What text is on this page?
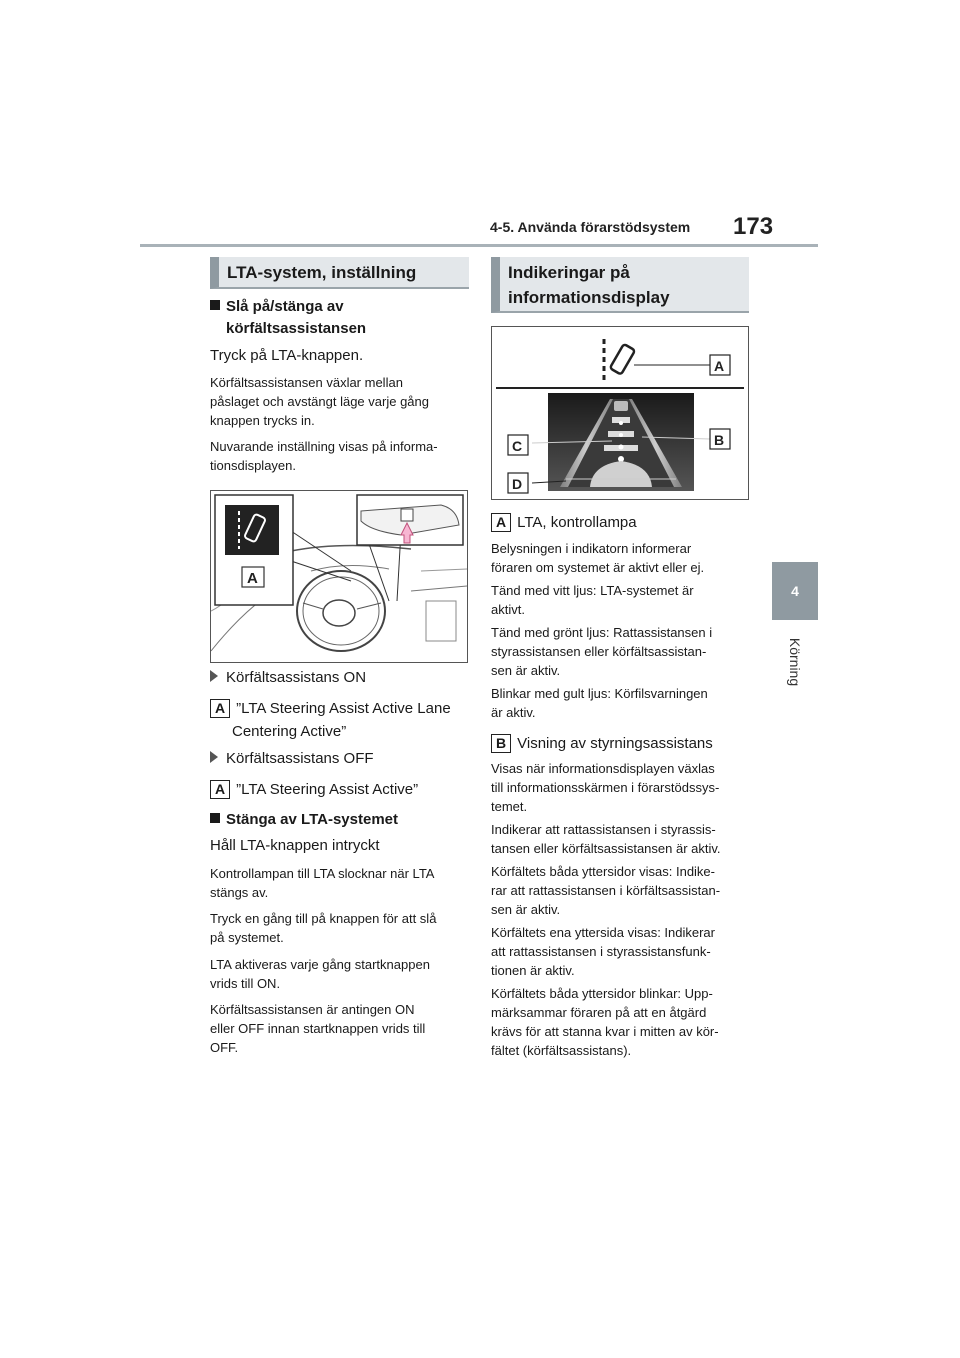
4-5. Använda förarstödsystem 173
4
Körning
LTA-system, inställning
Slå på/stänga av
körfältsassistansen
Tryck på LTA-knappen.
Körfältsassistansen växlar mellan
påslaget och avstängt läge varje gång
knappen trycks in.
Nuvarande inställning visas på informa-
tionsdisplayen.
A
Körfältsassistans ON
A ”LTA Steering Assist Active Lane
Centering Active”
Körfältsassistans OFF
A ”LTA Steering Assist Active”
Stänga av LTA-systemet
Håll LTA-knappen intryckt
Kontrollampan till LTA slocknar när LTA
stängs av.
Tryck en gång till på knappen för att slå
på systemet.
LTA aktiveras varje gång startknappen
vrids till ON.
Körfältsassistansen är antingen ON
eller OFF innan startknappen vrids till
OFF.
Indikeringar på
informationsdisplay
A
C	B
D
A LTA, kontrollampa
Belysningen i indikatorn informerar
föraren om systemet är aktivt eller ej.
Tänd med vitt ljus: LTA-systemet är
aktivt.
Tänd med grönt ljus: Rattassistansen i
styrassistansen eller körfältsassistan-
sen är aktiv.
Blinkar med gult ljus: Körfilsvarningen
är aktiv.
B Visning av styrningsassistans
Visas när informationsdisplayen växlas
till informationsskärmen i förarstödssys-
temet.
Indikerar att rattassistansen i styrassis-
tansen eller körfältsassistansen är aktiv.
Körfältets båda yttersidor visas: Indike-
rar att rattassistansen i körfältsassistan-
sen är aktiv.
Körfältets ena yttersida visas: Indikerar
att rattassistansen i styrassistansfunk-
tionen är aktiv.
Körfältets båda yttersidor blinkar: Upp-
märksammar föraren på att en åtgärd
krävs för att stanna kvar i mitten av kör-
fältet (körfältsassistans).
